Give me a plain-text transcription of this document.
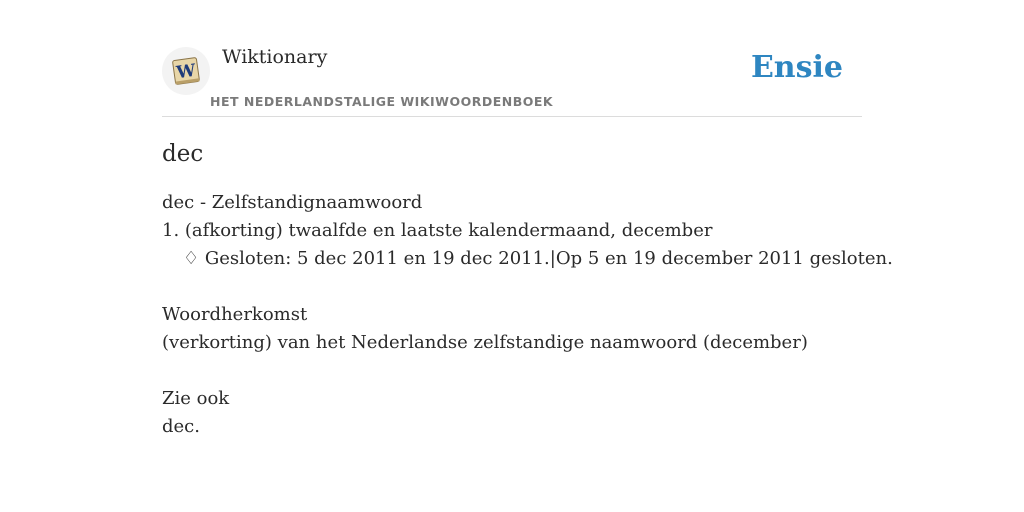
W
Wiktionary
HET NEDERLANDSTALIGE WIKIWOORDENBOEK
Ensie
dec
dec - Zelfstandignaamwoord
1. (afkorting) twaalfde en laatste kalendermaand, december
♢ Gesloten: 5 dec 2011 en 19 dec 2011.|Op 5 en 19 december 2011 gesloten.
Woordherkomst
(verkorting) van het Nederlandse zelfstandige naamwoord (december)
Zie ook
dec.
